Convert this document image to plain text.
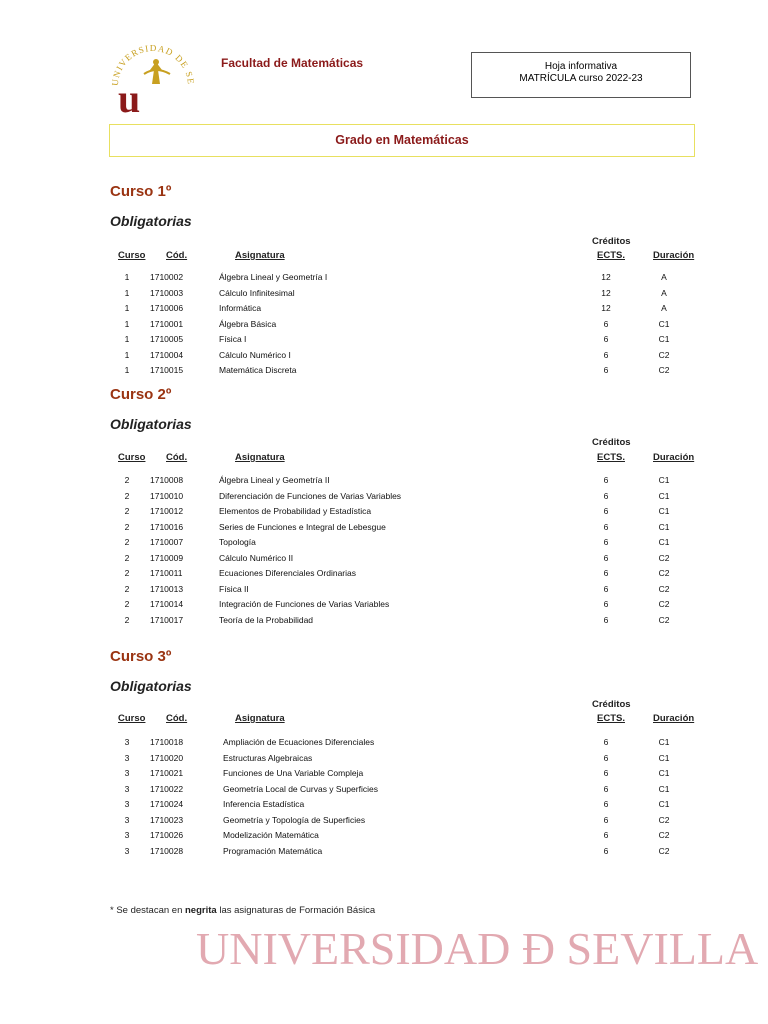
UNIVERSIDAD DE SE
u
Facultad de Matemáticas	Hoja informativa
MATRÍCULA curso 2022-23
Grado en Matemáticas
Curso 1º
Obligatorias
Créditos
Curso Cód.	Asignatura	ECTS.	Duración
1	1710002	Álgebra Lineal y Geometría I	12	A
1	1710003	Cálculo Infinitesimal	12	A
1	1710006	Informática	12	A
1	1710001	Álgebra Básica	6	C1
1	1710005	Física I	6	C1
1	1710004	Cálculo Numérico I	6	C2
1	1710015	Matemática Discreta	6	C2
Curso 2º
Obligatorias
Créditos
Curso Cód.	Asignatura	ECTS.	Duración
2	1710008	Álgebra Lineal y Geometría II	6	C1
2	1710010	Diferenciación de Funciones de Varias Variables	6	C1
2	1710012	Elementos de Probabilidad y Estadística	6	C1
2	1710016	Series de Funciones e Integral de Lebesgue	6	C1
2	1710007	Topología	6	C1
2	1710009	Cálculo Numérico II	6	C2
2	1710011	Ecuaciones Diferenciales Ordinarias	6	C2
2	1710013	Física II	6	C2
2	1710014	Integración de Funciones de Varias Variables	6	C2
2	1710017	Teoría de la Probabilidad	6	C2
Curso 3º
Obligatorias
Créditos
Curso Cód.	Asignatura	ECTS.	Duración
3	1710018	Ampliación de Ecuaciones Diferenciales	6	C1
3	1710020	Estructuras Algebraicas	6	C1
3	1710021	Funciones de Una Variable Compleja	6	C1
3	1710022	Geometría Local de Curvas y Superficies	6	C1
3	1710024	Inferencia Estadística	6	C1
3	1710023	Geometría y Topología de Superficies	6	C2
3	1710026	Modelización Matemática	6	C2
3	1710028	Programación Matemática	6	C2
* Se destacan en negrita las asignaturas de Formación Básica
UNIVERSIDAD Ð SEVILLA
